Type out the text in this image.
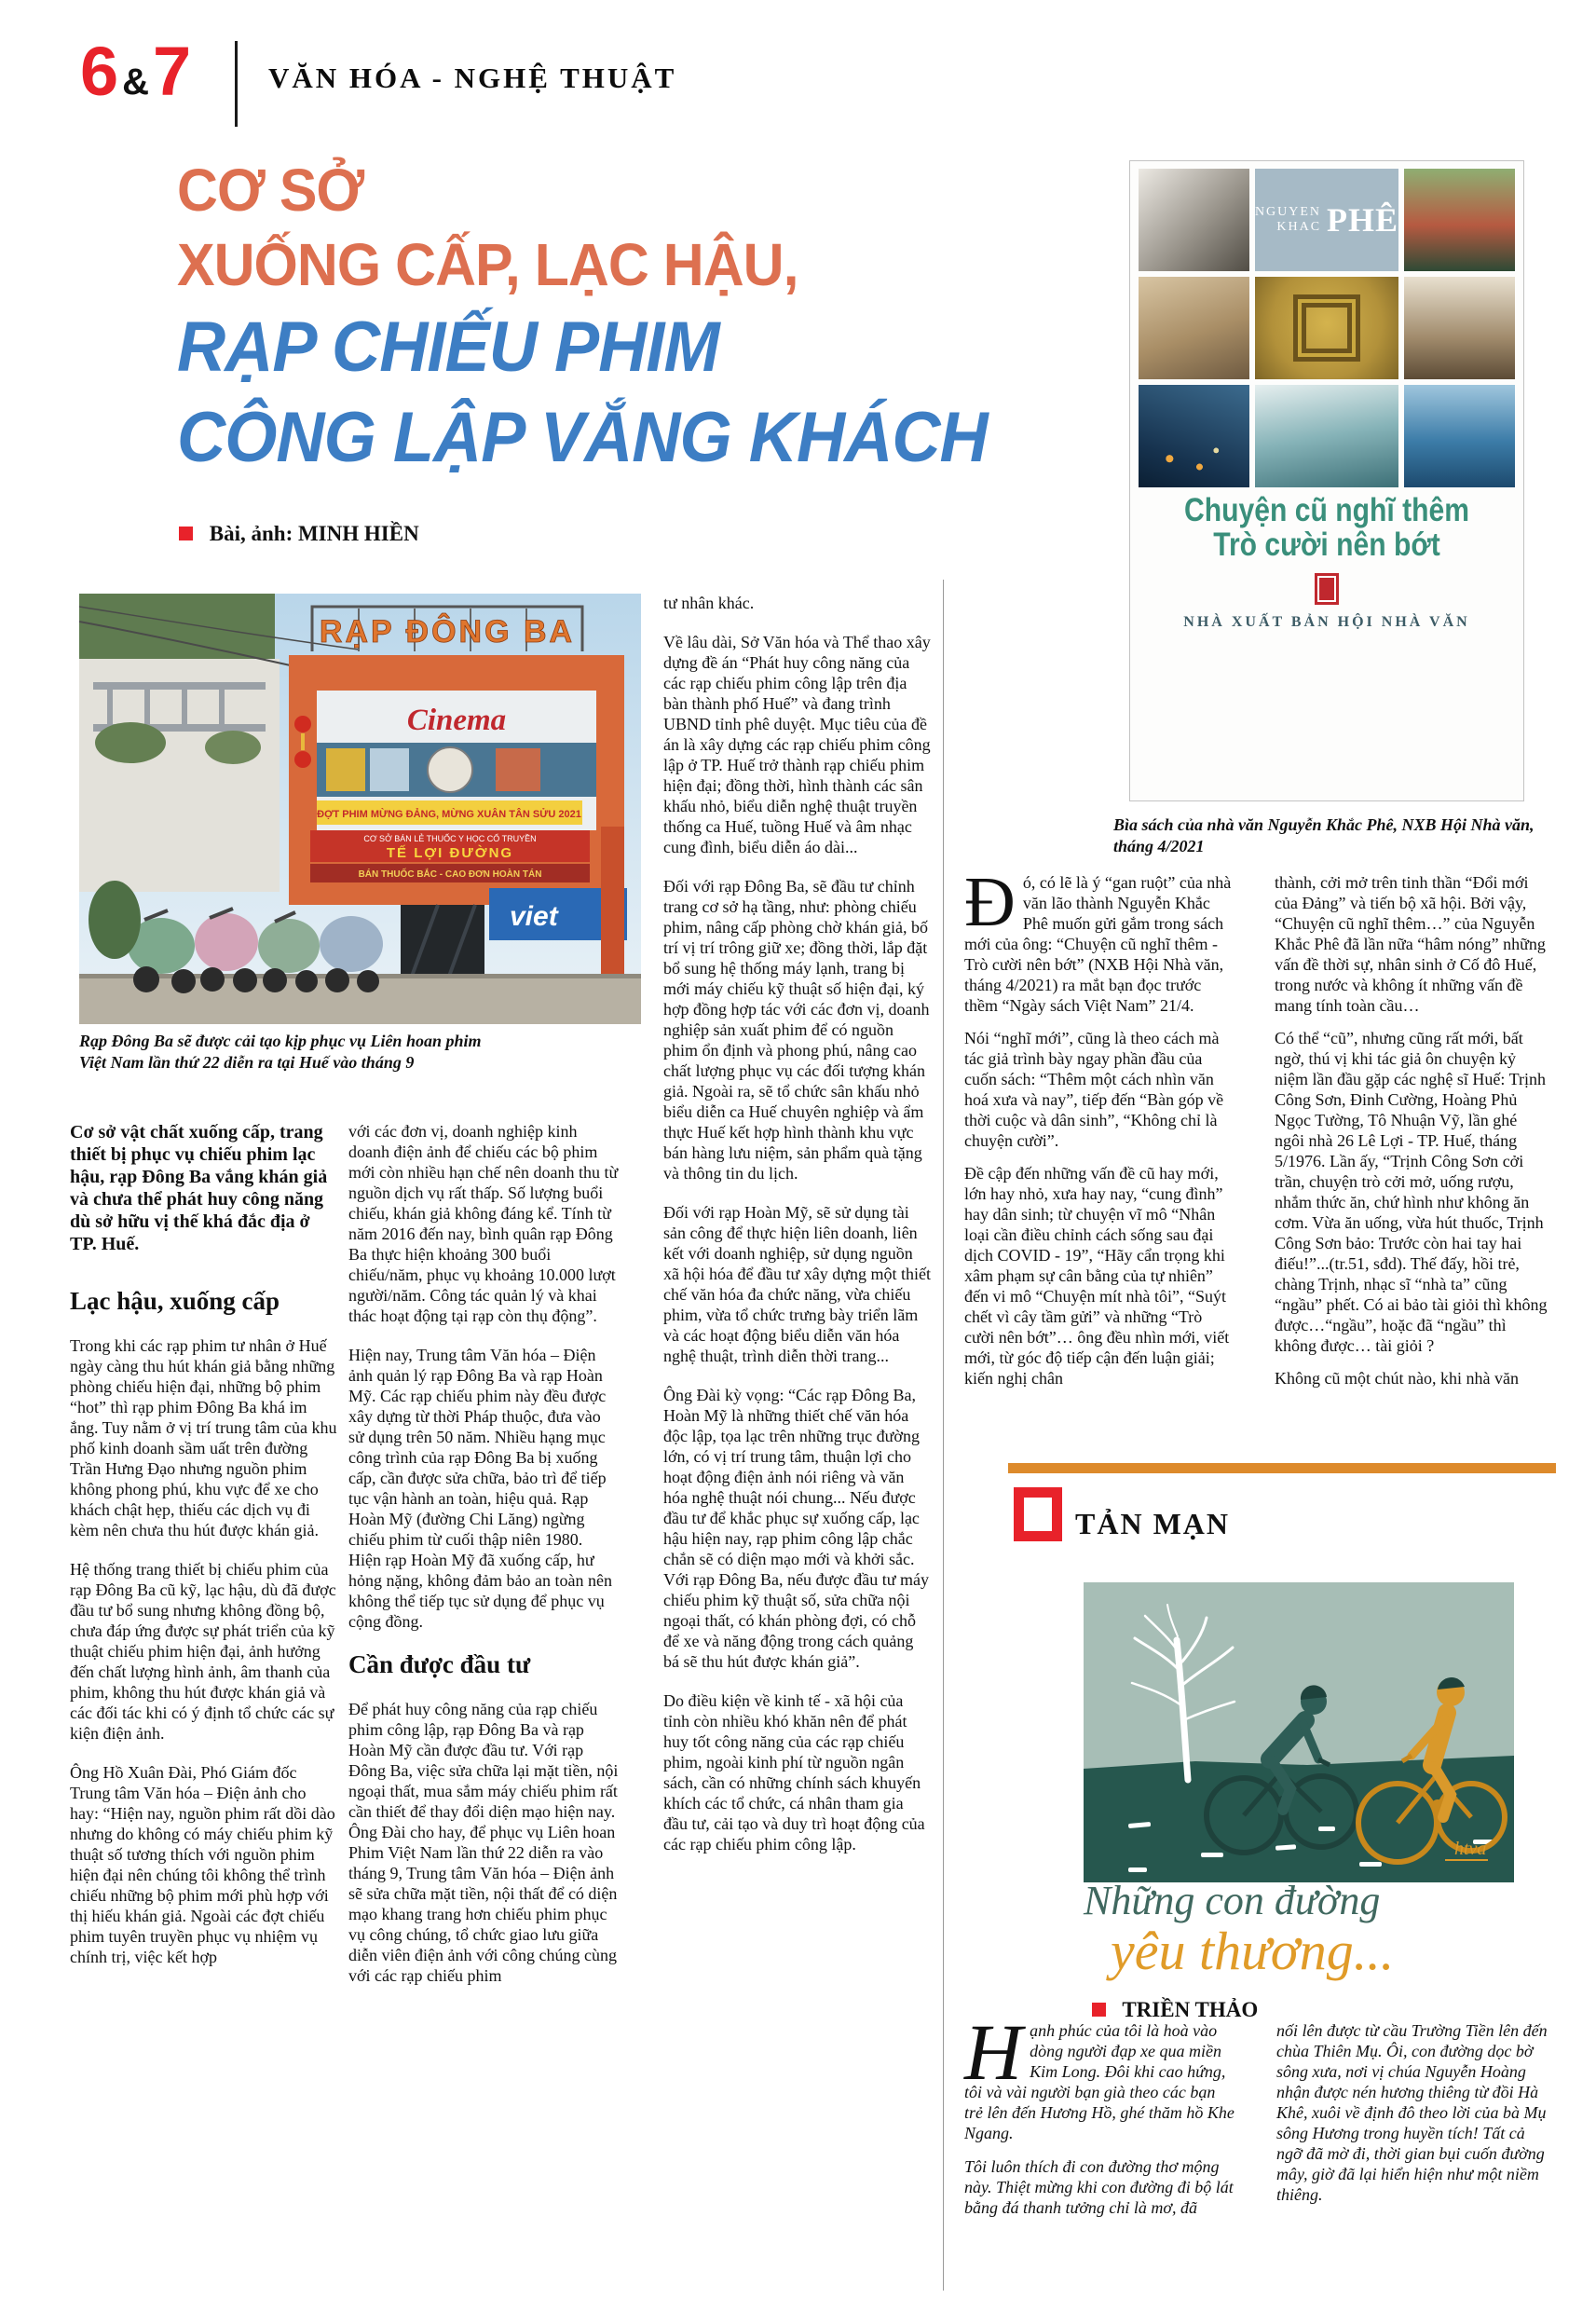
6 & 7	VĂN HÓA - NGHỆ THUẬT
CƠ SỞ
XUỐNG CẤP, LẠC HẬU,
RẠP CHIẾU PHIM
CÔNG LẬP VẮNG KHÁCH
Bài, ảnh: MINH HIỀN
RẠP ĐÔNG BA
Cinema
ĐỢT PHIM MỪNG ĐẢNG, MỪNG XUÂN TÂN SỬU 2021
CƠ SỞ BÁN LẺ THUỐC Y HỌC CỔ TRUYỀN
TẾ LỢI ĐƯỜNG
BÁN THUỐC BẮC - CAO ĐƠN HOÀN TÁN
viet
Rạp Đông Ba sẽ được cải tạo kịp phục vụ Liên hoan phim Việt Nam lần thứ 22 diễn ra tại Huế vào tháng 9

Cơ sở vật chất xuống cấp, trang thiết bị phục vụ chiếu phim lạc hậu, rạp Đông Ba vắng khán giả và chưa thể phát huy công năng dù sở hữu vị thế khá đắc địa ở TP. Huế.

Lạc hậu, xuống cấp

Trong khi các rạp phim tư nhân ở Huế ngày càng thu hút khán giả bằng những phòng chiếu hiện đại, những bộ phim “hot” thì rạp phim Đông Ba khá im ắng. Tuy nằm ở vị trí trung tâm của khu phố kinh doanh sầm uất trên đường Trần Hưng Đạo nhưng nguồn phim không phong phú, khu vực để xe cho khách chật hẹp, thiếu các dịch vụ đi kèm nên chưa thu hút được khán giả.

Hệ thống trang thiết bị chiếu phim của rạp Đông Ba cũ kỹ, lạc hậu, dù đã được đầu tư bổ sung nhưng không đồng bộ, chưa đáp ứng được sự phát triển của kỹ thuật chiếu phim hiện đại, ảnh hưởng đến chất lượng hình ảnh, âm thanh của phim, không thu hút được khán giả và các đối tác khi có ý định tổ chức các sự kiện điện ảnh.

Ông Hồ Xuân Đài, Phó Giám đốc Trung tâm Văn hóa – Điện ảnh cho hay: “Hiện nay, nguồn phim rất dồi dào nhưng do không có máy chiếu phim kỹ thuật số tương thích với nguồn phim hiện đại nên chúng tôi không thể trình chiếu những bộ phim mới phù hợp với thị hiếu khán giả. Ngoài các đợt chiếu phim tuyên truyền phục vụ nhiệm vụ chính trị, việc kết hợp

với các đơn vị, doanh nghiệp kinh doanh điện ảnh để chiếu các bộ phim mới còn nhiều hạn chế nên doanh thu từ nguồn dịch vụ rất thấp. Số lượng buổi chiếu, khán giả không đáng kể. Tính từ năm 2016 đến nay, bình quân rạp Đông Ba thực hiện khoảng 300 buổi chiếu/năm, phục vụ khoảng 10.000 lượt người/năm. Công tác quản lý và khai thác hoạt động tại rạp còn thụ động”.

Hiện nay, Trung tâm Văn hóa – Điện ảnh quản lý rạp Đông Ba và rạp Hoàn Mỹ. Các rạp chiếu phim này đều được xây dựng từ thời Pháp thuộc, đưa vào sử dụng trên 50 năm. Nhiều hạng mục công trình của rạp Đông Ba bị xuống cấp, cần được sửa chữa, bảo trì để tiếp tục vận hành an toàn, hiệu quả. Rạp Hoàn Mỹ (đường Chi Lăng) ngừng chiếu phim từ cuối thập niên 1980. Hiện rạp Hoàn Mỹ đã xuống cấp, hư hỏng nặng, không đảm bảo an toàn nên không thể tiếp tục sử dụng để phục vụ cộng đồng.

Cần được đầu tư

Để phát huy công năng của rạp chiếu phim công lập, rạp Đông Ba và rạp Hoàn Mỹ cần được đầu tư. Với rạp Đông Ba, việc sửa chữa lại mặt tiền, nội ngoại thất, mua sắm máy chiếu phim rất cần thiết để thay đổi diện mạo hiện nay. Ông Đài cho hay, để phục vụ Liên hoan Phim Việt Nam lần thứ 22 diễn ra vào tháng 9, Trung tâm Văn hóa – Điện ảnh sẽ sửa chữa mặt tiền, nội thất để có diện mạo khang trang hơn chiếu phim phục vụ công chúng, tổ chức giao lưu giữa diễn viên điện ảnh với công chúng cùng với các rạp chiếu phim

tư nhân khác.

Về lâu dài, Sở Văn hóa và Thể thao xây dựng đề án “Phát huy công năng của các rạp chiếu phim công lập trên địa bàn thành phố Huế” và đang trình UBND tỉnh phê duyệt. Mục tiêu của đề án là xây dựng các rạp chiếu phim công lập ở TP. Huế trở thành rạp chiếu phim hiện đại; đồng thời, hình thành các sân khấu nhỏ, biểu diễn nghệ thuật truyền thống ca Huế, tuồng Huế và âm nhạc cung đình, biểu diễn áo dài...

Đối với rạp Đông Ba, sẽ đầu tư chỉnh trang cơ sở hạ tầng, như: phòng chiếu phim, nâng cấp phòng chờ khán giả, bố trí vị trí trông giữ xe; đồng thời, lắp đặt bổ sung hệ thống máy lạnh, trang bị mới máy chiếu kỹ thuật số hiện đại, ký hợp đồng hợp tác với các đơn vị, doanh nghiệp sản xuất phim để có nguồn phim ổn định và phong phú, nâng cao chất lượng phục vụ các đối tượng khán giả. Ngoài ra, sẽ tổ chức sân khấu nhỏ biểu diễn ca Huế chuyên nghiệp và ẩm thực Huế kết hợp hình thành khu vực bán hàng lưu niệm, sản phẩm quà tặng và thông tin du lịch.

Đối với rạp Hoàn Mỹ, sẽ sử dụng tài sản công để thực hiện liên doanh, liên kết với doanh nghiệp, sử dụng nguồn xã hội hóa để đầu tư xây dựng một thiết chế văn hóa đa chức năng, vừa chiếu phim, vừa tổ chức trưng bày triển lãm và các hoạt động biểu diễn văn hóa nghệ thuật, trình diễn thời trang...

Ông Đài kỳ vọng: “Các rạp Đông Ba, Hoàn Mỹ là những thiết chế văn hóa độc lập, tọa lạc trên những trục đường lớn, có vị trí trung tâm, thuận lợi cho hoạt động điện ảnh nói riêng và văn hóa nghệ thuật nói chung... Nếu được đầu tư để khắc phục sự xuống cấp, lạc hậu hiện nay, rạp phim công lập chắc chắn sẽ có diện mạo mới và khởi sắc. Với rạp Đông Ba, nếu được đầu tư máy chiếu phim kỹ thuật số, sửa chữa nội ngoại thất, có khán phòng đợi, có chỗ để xe và năng động trong cách quảng bá sẽ thu hút được khán giả”.

Do điều kiện về kinh tế - xã hội của tỉnh còn nhiều khó khăn nên để phát huy tốt công năng của các rạp chiếu phim, ngoài kinh phí từ nguồn ngân sách, cần có những chính sách khuyến khích các tổ chức, cá nhân tham gia đầu tư, cải tạo và duy trì hoạt động của các rạp chiếu phim công lập.

NGUYEN
KHAC PHÊ
Chuyện cũ nghĩ thêm
Trò cười nên bớt
NHÀ XUẤT BẢN HỘI NHÀ VĂN
Bìa sách của nhà văn Nguyễn Khắc Phê, NXB Hội Nhà văn, tháng 4/2021

Đó, có lẽ là ý “gan ruột” của nhà văn lão thành Nguyễn Khắc Phê muốn gửi gắm trong sách mới của ông: “Chuyện cũ nghĩ thêm - Trò cười nên bớt” (NXB Hội Nhà văn, tháng 4/2021) ra mắt bạn đọc trước thềm “Ngày sách Việt Nam” 21/4.

Nói “nghĩ mới”, cũng là theo cách mà tác giả trình bày ngay phần đầu của cuốn sách: “Thêm một cách nhìn văn hoá xưa và nay”, tiếp đến “Bàn góp về thời cuộc và dân sinh”, “Không chỉ là chuyện cười”.

Đề cập đến những vấn đề cũ hay mới, lớn hay nhỏ, xưa hay nay, “cung đình” hay dân sinh; từ chuyện vĩ mô “Nhân loại cần điều chỉnh cách sống sau đại dịch COVID - 19”, “Hãy cẩn trọng khi xâm phạm sự cân bằng của tự nhiên” đến vi mô “Chuyện mít nhà tôi”, “Suýt chết vì cây tầm gửi” và những “Trò cười nên bớt”… ông đều nhìn mới, viết mới, từ góc độ tiếp cận đến luận giải; kiến nghị chân

thành, cởi mở trên tinh thần “Đổi mới của Đảng” và tiến bộ xã hội. Bởi vậy, “Chuyện cũ nghĩ thêm…” của Nguyễn Khắc Phê đã lần nữa “hâm nóng” những vấn đề thời sự, nhân sinh ở Cố đô Huế, trong nước và không ít những vấn đề mang tính toàn cầu…

Có thể “cũ”, nhưng cũng rất mới, bất ngờ, thú vị khi tác giả ôn chuyện kỷ niệm lần đầu gặp các nghệ sĩ Huế: Trịnh Công Sơn, Đinh Cường, Hoàng Phủ Ngọc Tường, Tô Nhuận Vỹ, lần ghé ngôi nhà 26 Lê Lợi - TP. Huế, tháng 5/1976. Lần ấy, “Trịnh Công Sơn cởi trần, chuyện trò cởi mở, uống rượu, nhắm thức ăn, chứ hình như không ăn cơm. Vừa ăn uống, vừa hút thuốc, Trịnh Công Sơn bảo: Trước còn hai tay hai điếu!”...(tr.51, sđd). Thế đấy, hồi trẻ, chàng Trịnh, nhạc sĩ “nhà ta” cũng “ngầu” phết. Có ai bảo tài giỏi thì không được…“ngầu”, hoặc đã “ngầu” thì không được… tài giỏi ?

Không cũ một chút nào, khi nhà văn

TẢN MẠN
htva
Những con đường
yêu thương...
TRIỀN THẢO

Hạnh phúc của tôi là hoà vào dòng người đạp xe qua miền Kim Long. Đôi khi cao hứng, tôi và vài người bạn già theo các bạn trẻ lên đến Hương Hồ, ghé thăm hồ Khe Ngang.

Tôi luôn thích đi con đường thơ mộng này. Thiệt mừng khi con đường đi bộ lát bằng đá thanh tưởng chỉ là mơ, đã

nối lên được từ cầu Trường Tiền lên đến chùa Thiên Mụ. Ôi, con đường dọc bờ sông xưa, nơi vị chúa Nguyễn Hoàng nhận được nén hương thiêng từ đồi Hà Khê, xuôi về định đô theo lời của bà Mụ sông Hương trong huyền tích! Tất cả ngỡ đã mờ đi, thời gian bụi cuốn đường mây, giờ đã lại hiển hiện như một niềm thiêng.
